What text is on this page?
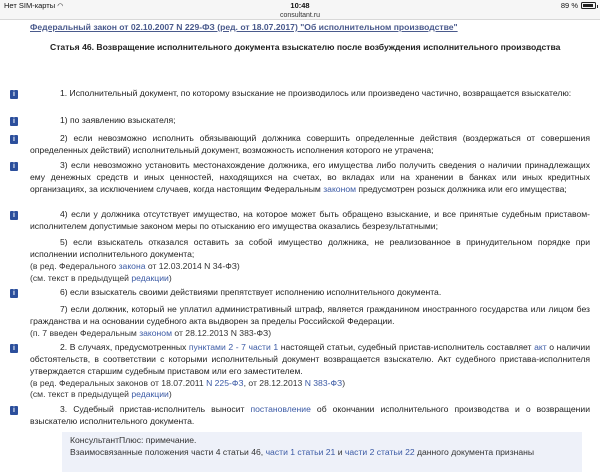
Нет SIM-карты ◠	10:48	89 %
consultant.ru
Федеральный закон от 02.10.2007 N 229-ФЗ (ред. от 18.07.2017) "Об исполнительном производстве"
Статья 46. Возвращение исполнительного документа взыскателю после возбуждения исполнительного производства
i	1. Исполнительный документ, по которому взыскание не производилось или произведено частично, возвращается взыскателю:
i	1) по заявлению взыскателя;
i	2) если невозможно исполнить обязывающий должника совершить определенные действия (воздержаться от совершения определенных действий) исполнительный документ, возможность исполнения которого не утрачена;
i	3) если невозможно установить местонахождение должника, его имущества либо получить сведения о наличии принадлежащих ему денежных средств и иных ценностей, находящихся на счетах, во вкладах или на хранении в банках или иных кредитных организациях, за исключением случаев, когда настоящим Федеральным законом предусмотрен розыск должника или его имущества;
i	4) если у должника отсутствует имущество, на которое может быть обращено взыскание, и все принятые судебным приставом-исполнителем допустимые законом меры по отысканию его имущества оказались безрезультатными;
5) если взыскатель отказался оставить за собой имущество должника, не реализованное в принудительном порядке при исполнении исполнительного документа;
(в ред. Федерального закона от 12.03.2014 N 34-ФЗ)
(см. текст в предыдущей редакции)
i	6) если взыскатель своими действиями препятствует исполнению исполнительного документа.
7) если должник, который не уплатил административный штраф, является гражданином иностранного государства или лицом без гражданства и на основании судебного акта выдворен за пределы Российской Федерации.
(п. 7 введен Федеральным законом от 28.12.2013 N 383-ФЗ)
i	2. В случаях, предусмотренных пунктами 2 - 7 части 1 настоящей статьи, судебный пристав-исполнитель составляет акт о наличии обстоятельств, в соответствии с которыми исполнительный документ возвращается взыскателю. Акт судебного пристава-исполнителя утверждается старшим судебным приставом или его заместителем.
(в ред. Федеральных законов от 18.07.2011 N 225-ФЗ, от 28.12.2013 N 383-ФЗ)
(см. текст в предыдущей редакции)
i	3. Судебный пристав-исполнитель выносит постановление об окончании исполнительного производства и о возвращении взыскателю исполнительного документа.
КонсультантПлюс: примечание.
Взаимосвязанные положения части 4 статьи 46, части 1 статьи 21 и части 2 статьи 22 данного документа признаны
